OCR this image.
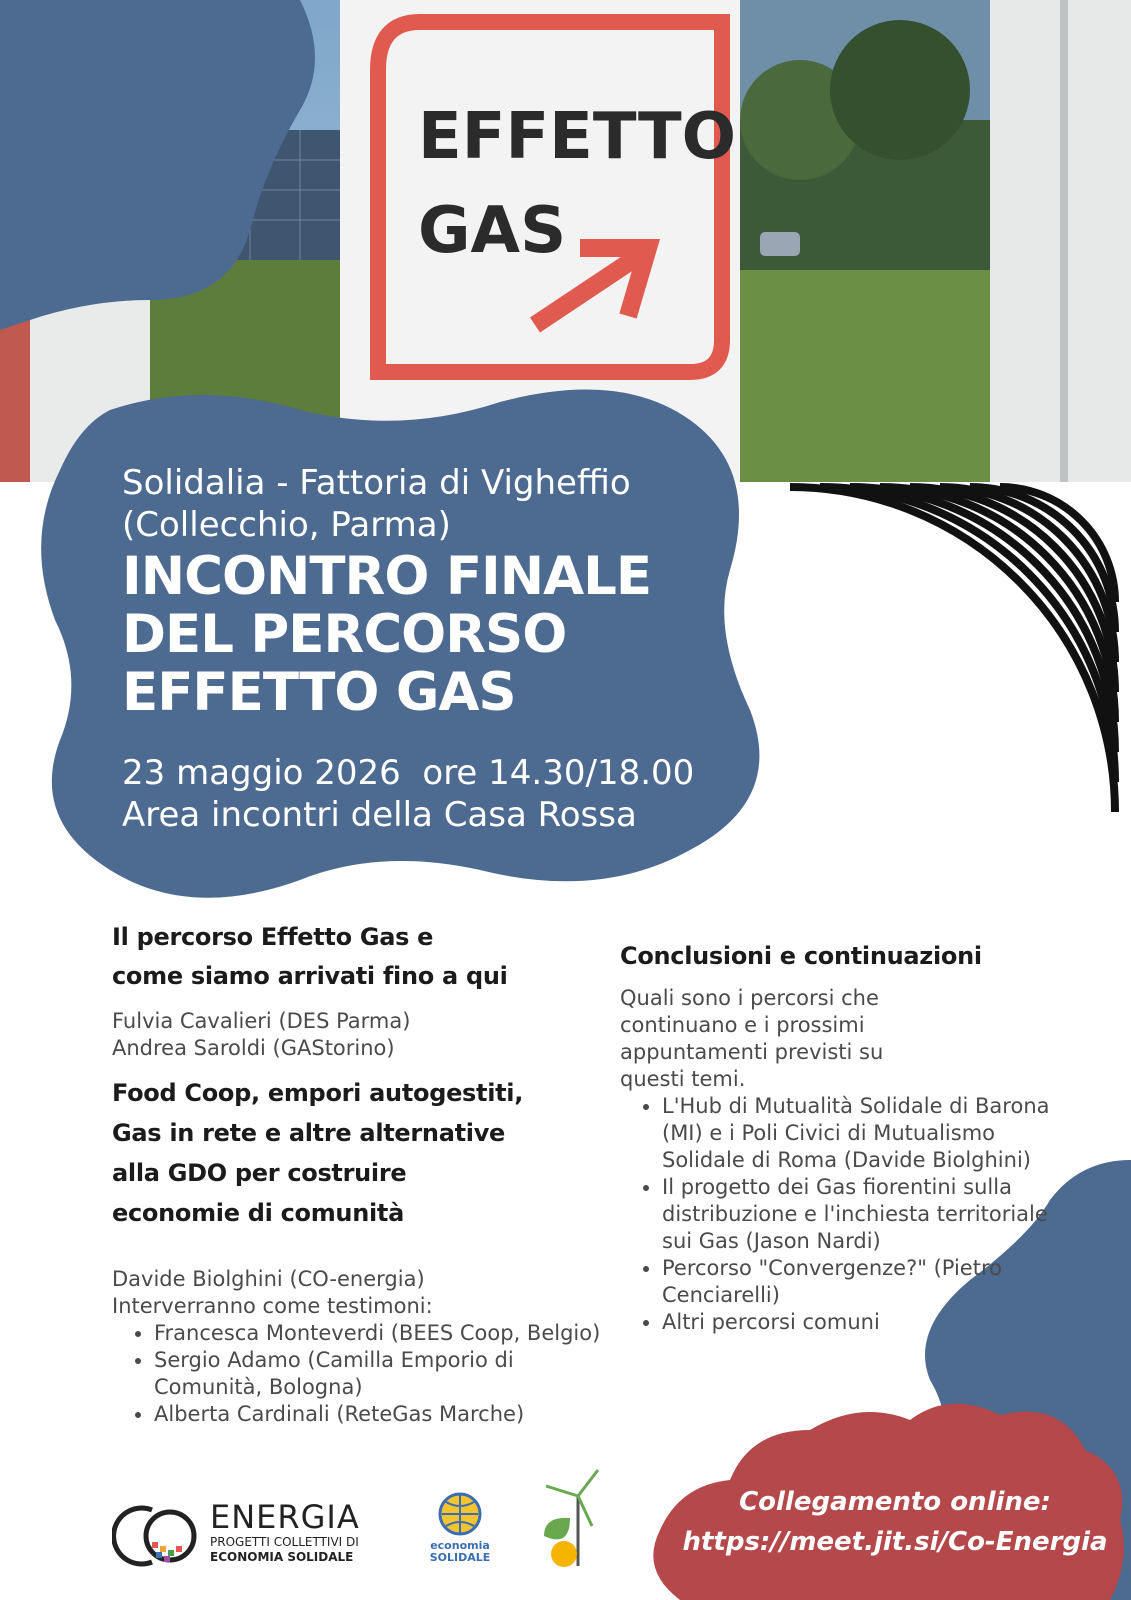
EFFETTO
GAS
Solidalia - Fattoria di Vigheffio
(Collecchio, Parma)
INCONTRO FINALE
DEL PERCORSO
EFFETTO GAS
23 maggio 2026  ore 14.30/18.00
Area incontri della Casa Rossa
Il percorso Effetto Gas e
come siamo arrivati fino a qui
Fulvia Cavalieri (DES Parma)
Andrea Saroldi (GAStorino)
Food Coop, empori autogestiti,
Gas in rete e altre alternative
alla GDO per costruire
economie di comunità
Davide Biolghini (CO-energia)
Interverranno come testimoni:
• Francesca Monteverdi (BEES Coop, Belgio)
• Sergio Adamo (Camilla Emporio di Comunità, Bologna)
• Alberta Cardinali (ReteGas Marche)
Conclusioni e continuazioni
Quali sono i percorsi che continuano e i prossimi appuntamenti previsti su questi temi.
• L'Hub di Mutualità Solidale di Barona (MI) e i Poli Civici di Mutualismo Solidale di Roma (Davide Biolghini)
• Il progetto dei Gas fiorentini sulla distribuzione e l'inchiesta territoriale sui Gas (Jason Nardi)
• Percorso "Convergenze?" (Pietro Cenciarelli)
• Altri percorsi comuni
Collegamento online:
https://meet.jit.si/Co-Energia
ENERGIA
PROGETTI COLLETTIVI DI
ECONOMIA SOLIDALE
economia
SOLIDALE
